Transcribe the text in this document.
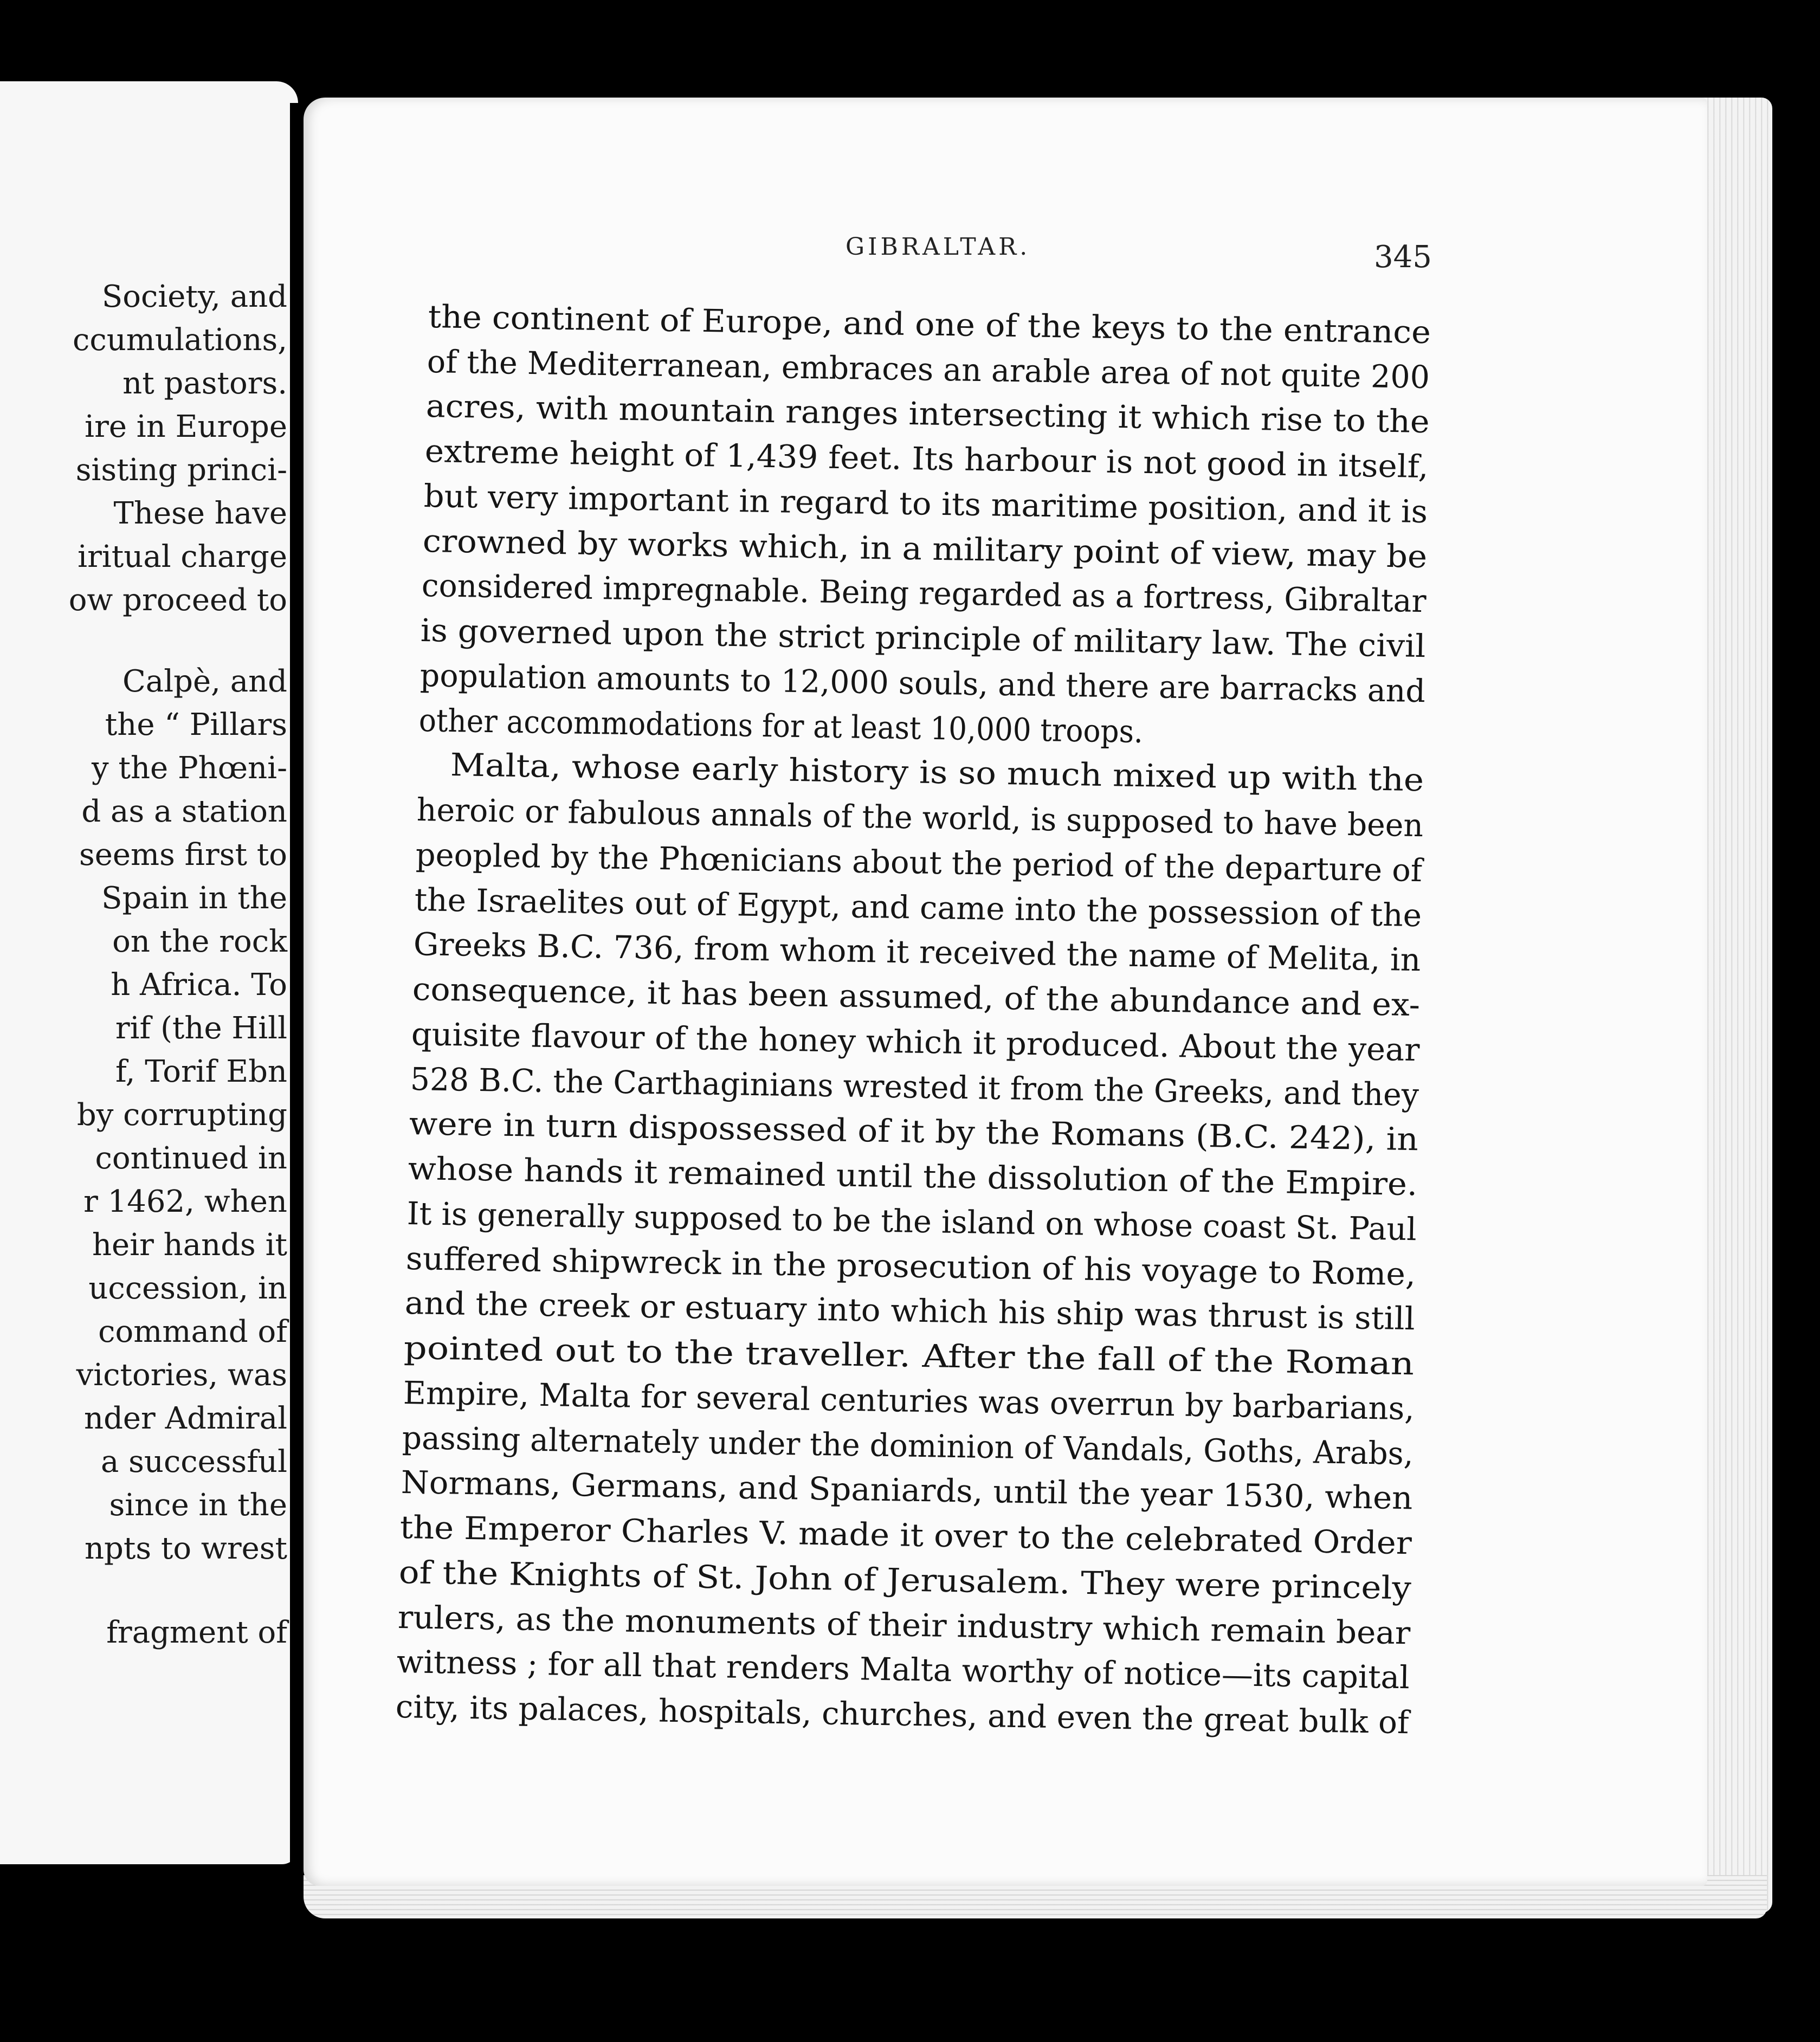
Society, and
ccumulations,
nt pastors.
ire in Europe
sisting princi-
These have
iritual charge
ow proceed to
Calpè, and
the “ Pillars
y the Phœni-
d as a station
seems first to
Spain in the
on the rock
h Africa. To
rif (the Hill
f, Torif Ebn
by corrupting
continued in
r 1462, when
heir hands it
uccession, in
command of
victories, was
nder Admiral
a successful
since in the
npts to wrest
fragment of
GIBRALTAR.	345
the continent of Europe, and one of the keys to the entrance
of the Mediterranean, embraces an arable area of not quite 200
acres, with mountain ranges intersecting it which rise to the
extreme height of 1,439 feet. Its harbour is not good in itself,
but very important in regard to its maritime position, and it is
crowned by works which, in a military point of view, may be
considered impregnable. Being regarded as a fortress, Gibraltar
is governed upon the strict principle of military law. The civil
population amounts to 12,000 souls, and there are barracks and
other accommodations for at least 10,000 troops.
Malta, whose early history is so much mixed up with the
heroic or fabulous annals of the world, is supposed to have been
peopled by the Phœnicians about the period of the departure of
the Israelites out of Egypt, and came into the possession of the
Greeks B.C. 736, from whom it received the name of Melita, in
consequence, it has been assumed, of the abundance and ex-
quisite flavour of the honey which it produced. About the year
528 B.C. the Carthaginians wrested it from the Greeks, and they
were in turn dispossessed of it by the Romans (B.C. 242), in
whose hands it remained until the dissolution of the Empire.
It is generally supposed to be the island on whose coast St. Paul
suffered shipwreck in the prosecution of his voyage to Rome,
and the creek or estuary into which his ship was thrust is still
pointed out to the traveller. After the fall of the Roman
Empire, Malta for several centuries was overrun by barbarians,
passing alternately under the dominion of Vandals, Goths, Arabs,
Normans, Germans, and Spaniards, until the year 1530, when
the Emperor Charles V. made it over to the celebrated Order
of the Knights of St. John of Jerusalem. They were princely
rulers, as the monuments of their industry which remain bear
witness ; for all that renders Malta worthy of notice—its capital
city, its palaces, hospitals, churches, and even the great bulk of
